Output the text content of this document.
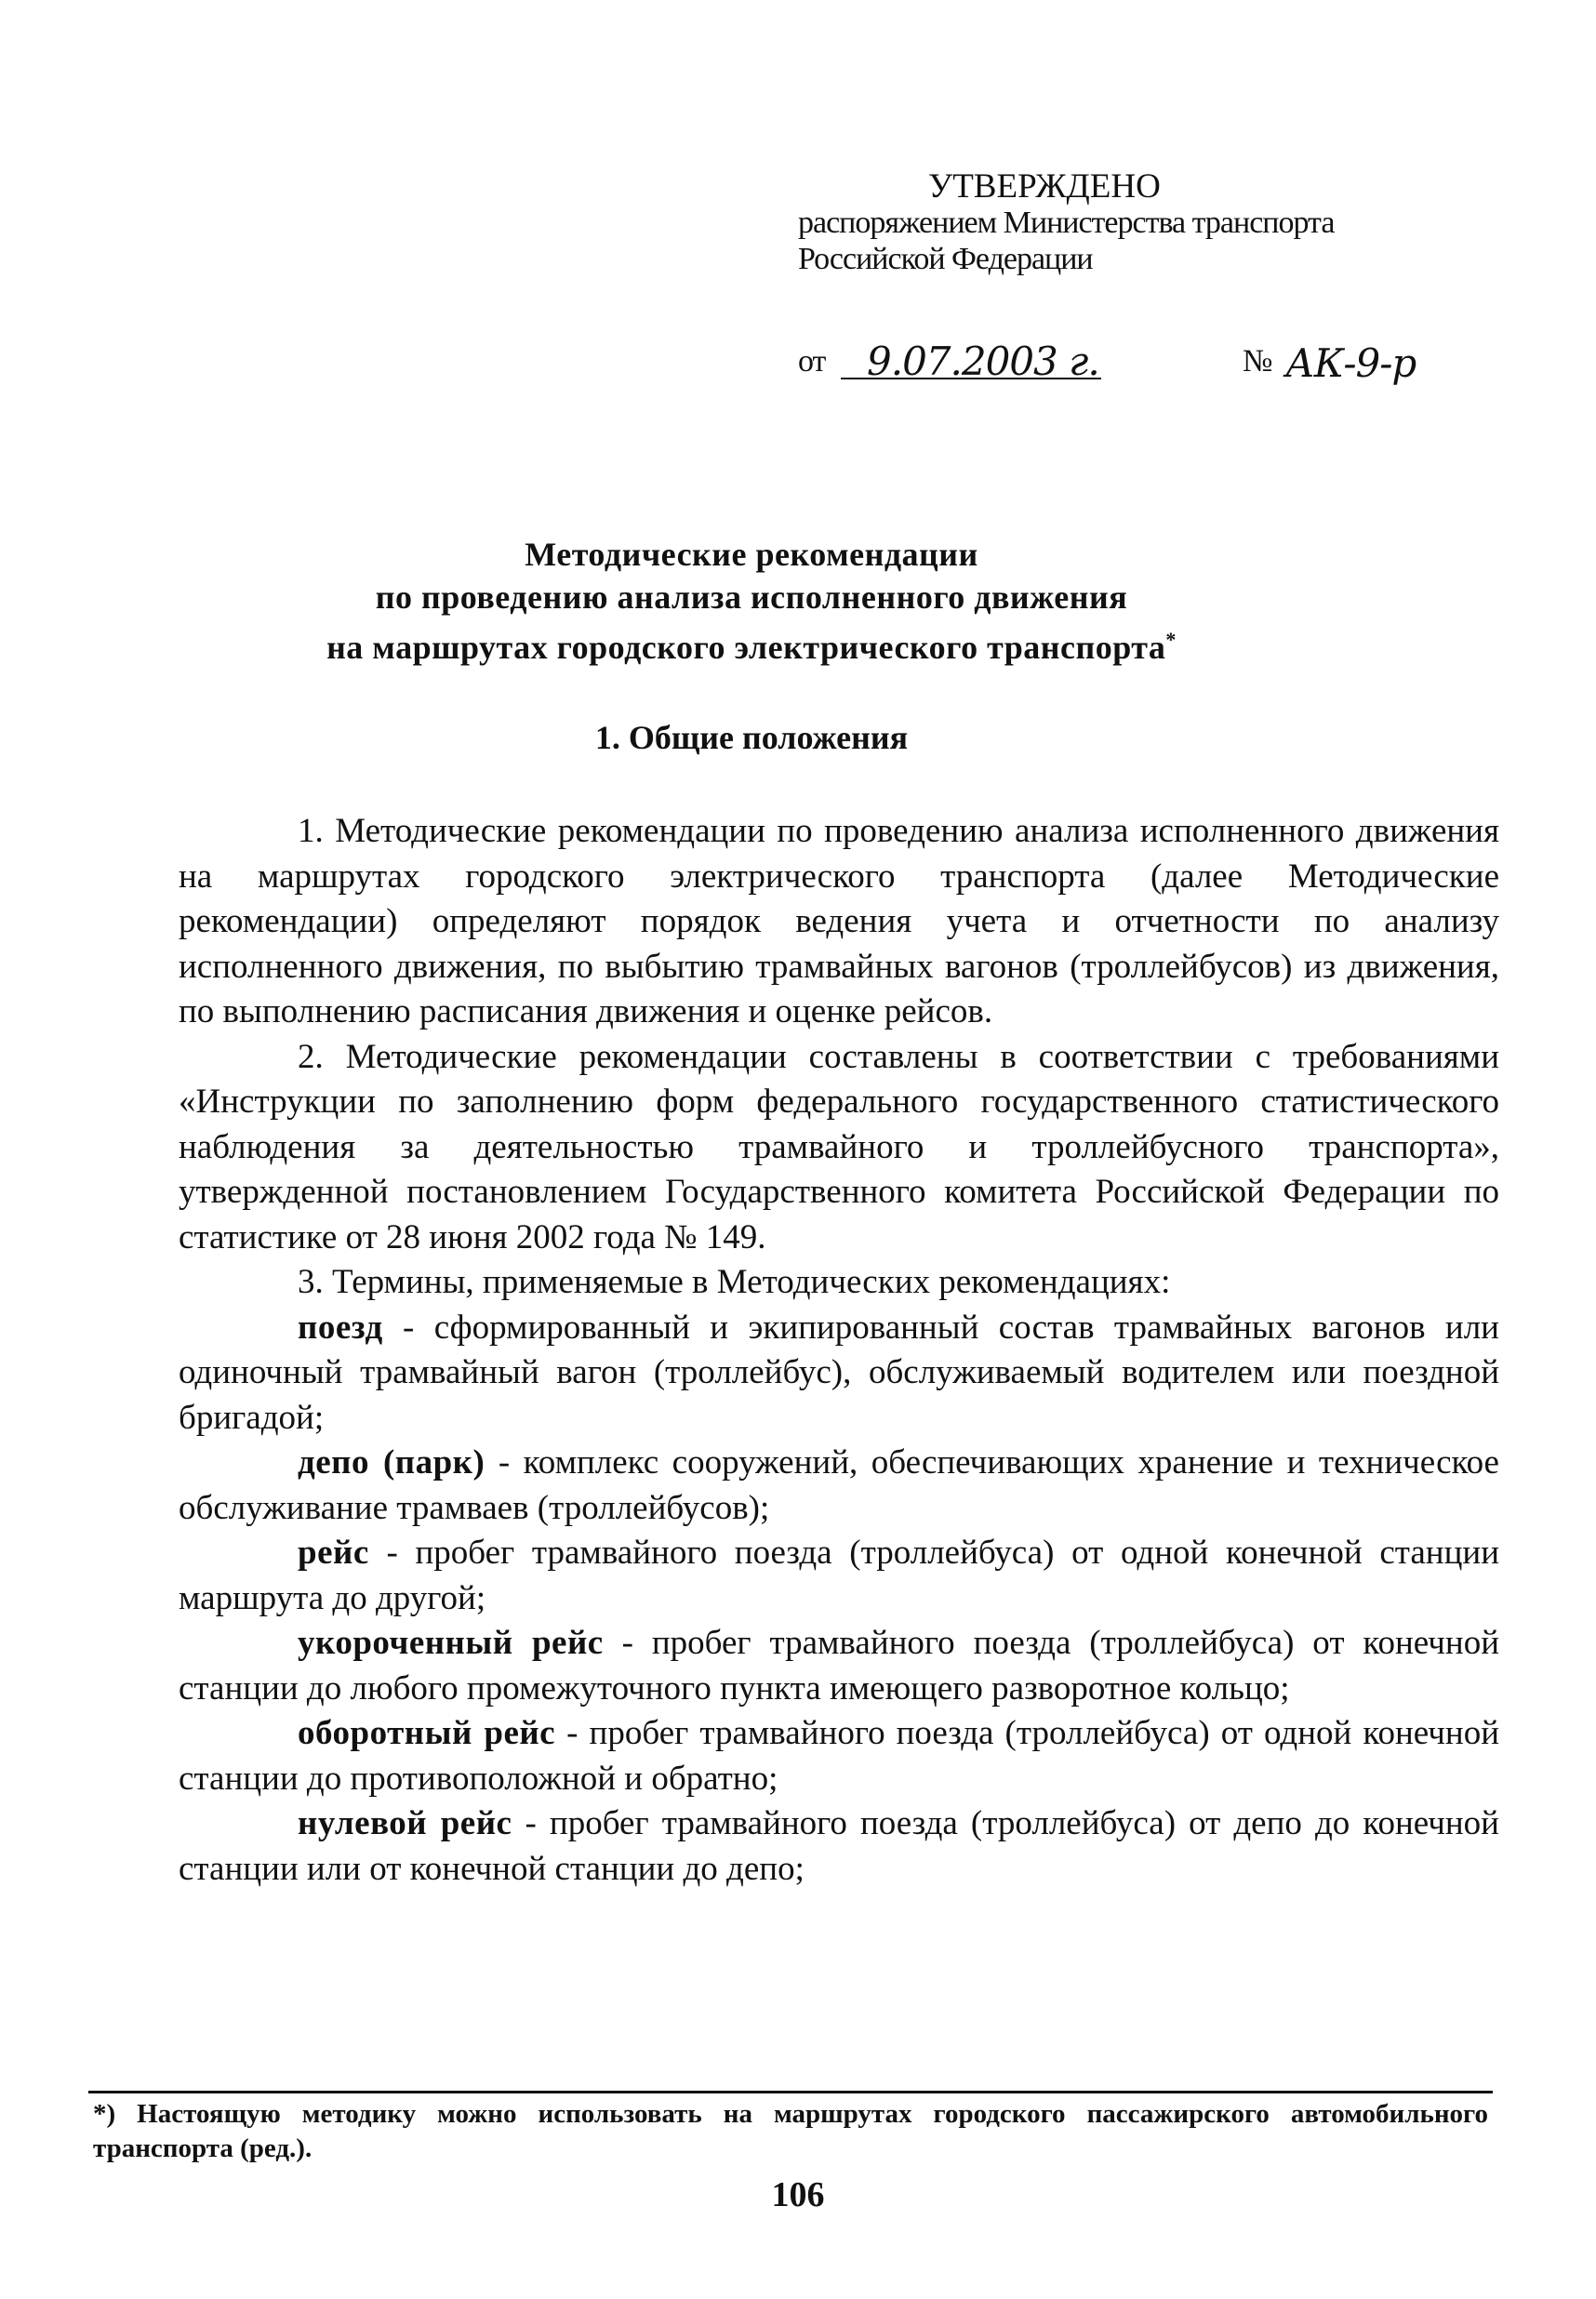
УТВЕРЖДЕНО
распоряжением Министерства транспорта
Российской Федерации
от 9.07.2003 г.	№ АК-9-р
Методические рекомендации
по проведению анализа исполненного движения
на маршрутах городского электрического транспорта*
1. Общие положения

1. Методические рекомендации по проведению анализа исполненного движения на маршрутах городского электрического транспорта (далее Методические рекомендации) определяют порядок ведения учета и отчетности по анализу исполненного движения, по выбытию трамвайных вагонов (троллейбусов) из движения, по выполнению расписания движения и оценке рейсов.

2. Методические рекомендации составлены в соответствии с требованиями «Инструкции по заполнению форм федерального государственного статистического наблюдения за деятельностью трамвайного и троллейбусного транспорта», утвержденной постановлением Государственного комитета Российской Федерации по статистике от 28 июня 2002 года № 149.

3. Термины, применяемые в Методических рекомендациях:

поезд - сформированный и экипированный состав трамвайных вагонов или одиночный трамвайный вагон (троллейбус), обслуживаемый водителем или поездной бригадой;

депо (парк) - комплекс сооружений, обеспечивающих хранение и техническое обслуживание трамваев (троллейбусов);

рейс - пробег трамвайного поезда (троллейбуса) от одной конечной станции маршрута до другой;

укороченный рейс - пробег трамвайного поезда (троллейбуса) от конечной станции до любого промежуточного пункта имеющего разворотное кольцо;

оборотный рейс - пробег трамвайного поезда (троллейбуса) от одной конечной станции до противоположной и обратно;

нулевой рейс - пробег трамвайного поезда (троллейбуса) от депо до конечной станции или от конечной станции до депо;

*) Настоящую методику можно использовать на маршрутах городского пассажирского автомобильного транспорта (ред.).
106
